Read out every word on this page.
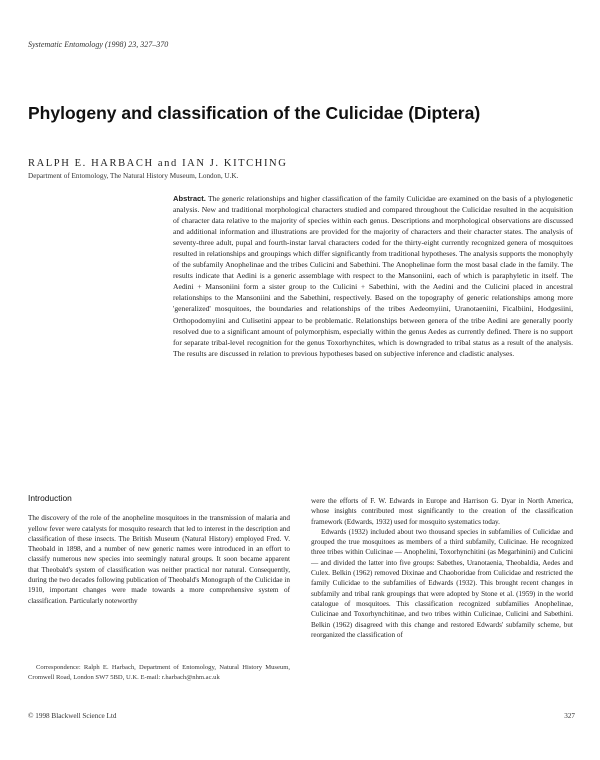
Systematic Entomology (1998) 23, 327–370
Phylogeny and classification of the Culicidae (Diptera)
RALPH E. HARBACH and IAN J. KITCHING
Department of Entomology, The Natural History Museum, London, U.K.

Abstract. The generic relationships and higher classification of the family Culicidae are examined on the basis of a phylogenetic analysis. New and traditional morphological characters studied and compared throughout the Culicidae resulted in the acquisition of character data relative to the majority of species within each genus. Descriptions and morphological observations are discussed and additional information and illustrations are provided for the majority of characters and their character states. The analysis of seventy-three adult, pupal and fourth-instar larval characters coded for the thirty-eight currently recognized genera of mosquitoes resulted in relationships and groupings which differ significantly from traditional hypotheses. The analysis supports the monophyly of the subfamily Anophelinae and the tribes Culicini and Sabethini. The Anophelinae form the most basal clade in the family. The results indicate that Aedini is a generic assemblage with respect to the Mansoniini, each of which is paraphyletic in itself. The Aedini + Mansoniini form a sister group to the Culicini + Sabethini, with the Aedini and the Culicini placed in ancestral relationships to the Mansoniini and the Sabethini, respectively. Based on the topography of generic relationships among more 'generalized' mosquitoes, the boundaries and relationships of the tribes Aedeomyiini, Uranotaeniini, Ficalbiini, Hodgesiini, Orthopodomyiini and Culisetini appear to be problematic. Relationships between genera of the tribe Aedini are generally poorly resolved due to a significant amount of polymorphism, especially within the genus Aedes as currently defined. There is no support for separate tribal-level recognition for the genus Toxorhynchites, which is downgraded to tribal status as a result of the analysis. The results are discussed in relation to previous hypotheses based on subjective inference and cladistic analyses.

Introduction

The discovery of the role of the anopheline mosquitoes in the transmission of malaria and yellow fever were catalysts for mosquito research that led to interest in the description and classification of these insects. The British Museum (Natural History) employed Fred. V. Theobald in 1898, and a number of new generic names were introduced in an effort to classify numerous new species into seemingly natural groups. It soon became apparent that Theobald's system of classification was neither practical nor natural. Consequently, during the two decades following publication of Theobald's Monograph of the Culicidae in 1910, important changes were made towards a more comprehensive system of classification. Particularly noteworthy

were the efforts of F. W. Edwards in Europe and Harrison G. Dyar in North America, whose insights contributed most significantly to the creation of the classification framework (Edwards, 1932) used for mosquito systematics today.

Edwards (1932) included about two thousand species in subfamilies of Culicidae and grouped the true mosquitoes as members of a third subfamily, Culicinae. He recognized three tribes within Culicinae — Anophelini, Toxorhynchitini (as Megarhinini) and Culicini — and divided the latter into five groups: Sabethes, Uranotaenia, Theobaldia, Aedes and Culex. Belkin (1962) removed Dixinae and Chaoboridae from Culicidae and restricted the family Culicidae to the subfamilies of Edwards (1932). This brought recent changes in subfamily and tribal rank groupings that were adopted by Stone et al. (1959) in the world catalogue of mosquitoes. This classification recognized subfamilies Anophelinae, Culicinae and Toxorhynchitinae, and two tribes within Culicinae, Culicini and Sabethini. Belkin (1962) disagreed with this change and restored Edwards' subfamily scheme, but reorganized the classification of

Correspondence: Ralph E. Harbach, Department of Entomology, Natural History Museum, Cromwell Road, London SW7 5BD, U.K. E-mail: r.harbach@nhm.ac.uk
© 1998 Blackwell Science Ltd	327
